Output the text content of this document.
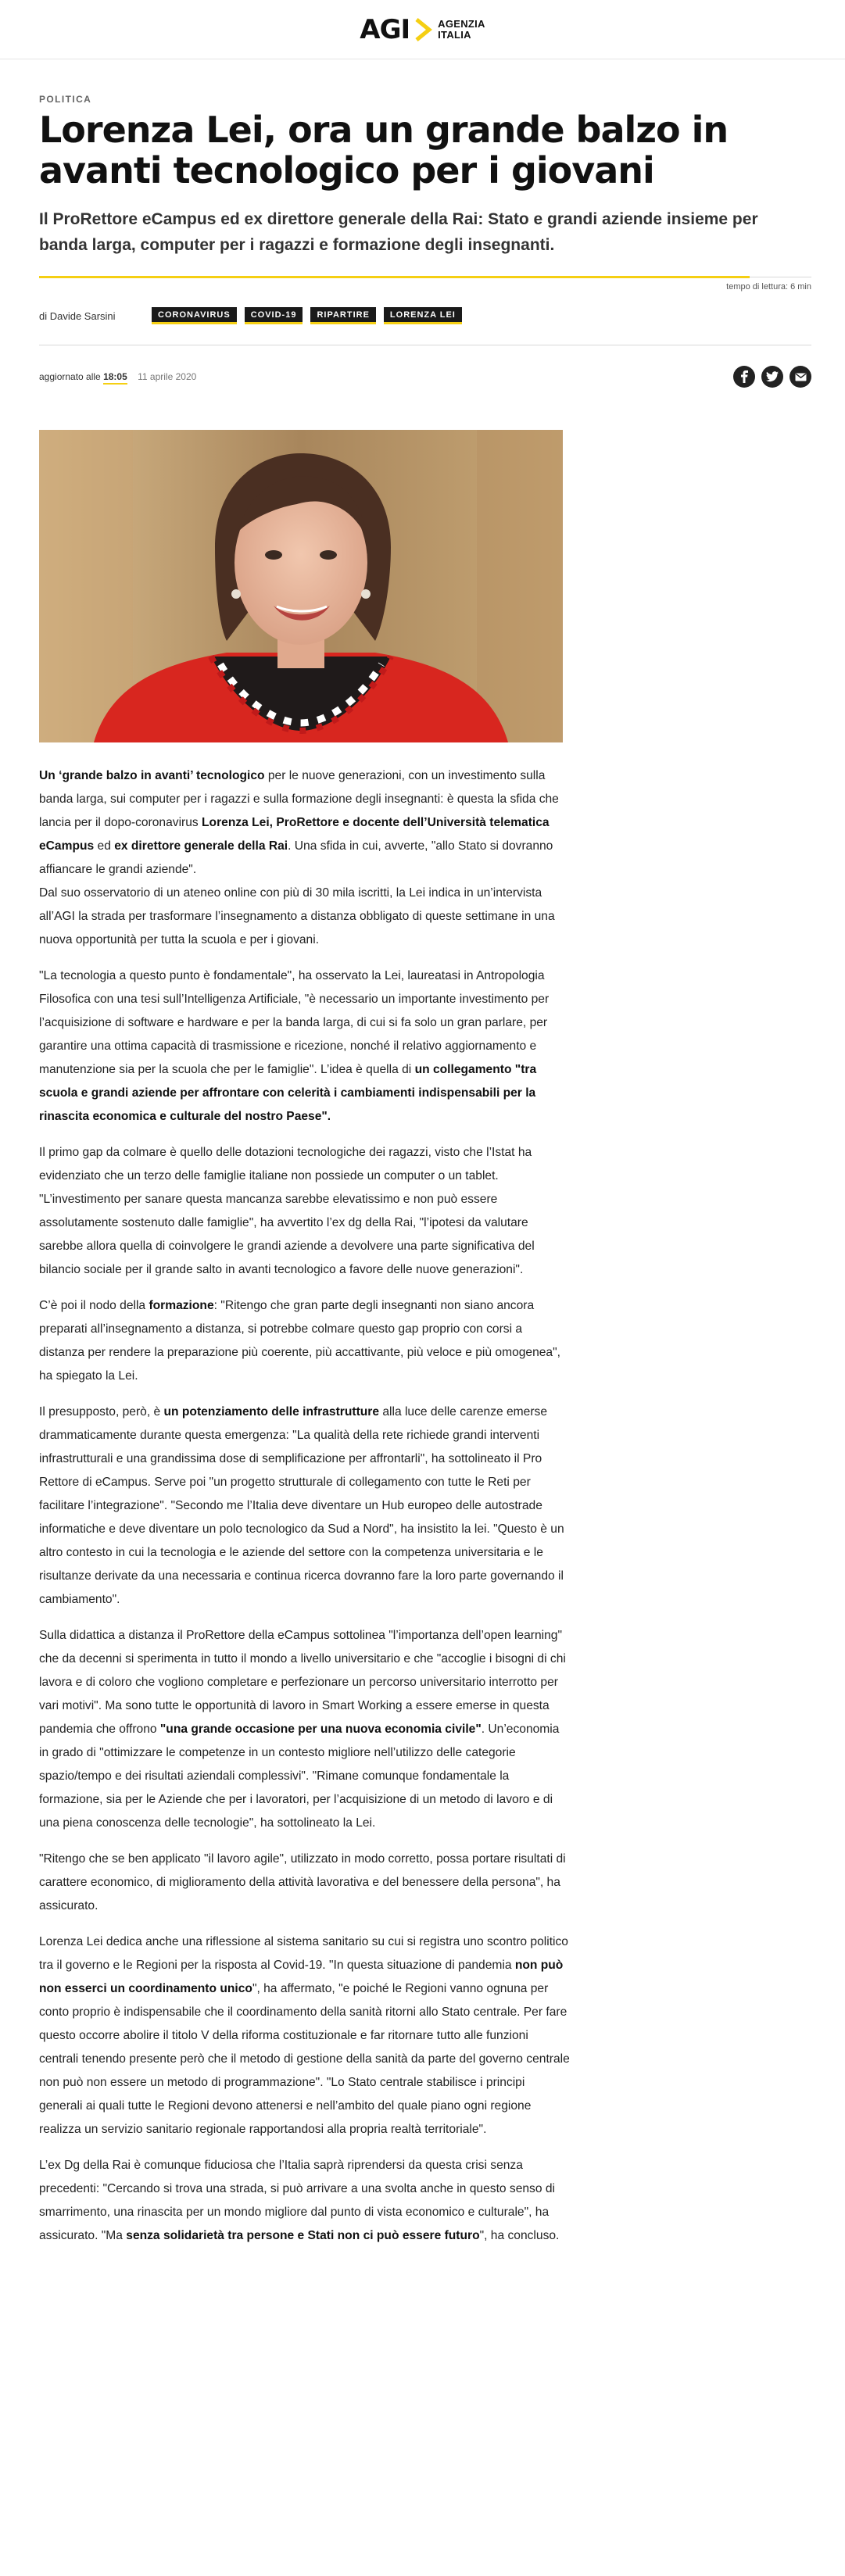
AGI	AGENZIA
ITALIA
POLITICA
Lorenza Lei, ora un grande balzo in avanti tecnologico per i giovani

Il ProRettore eCampus ed ex direttore generale della Rai: Stato e grandi aziende insieme per banda larga, computer per i ragazzi e formazione degli insegnanti.

tempo di lettura: 6 min
di Davide Sarsini	CORONAVIRUS	COVID-19	RIPARTIRE	LORENZA LEI
aggiornato alle 18:05 11 aprile 2020

Un ‘grande balzo in avanti’ tecnologico per le nuove generazioni, con un investimento sulla banda larga, sui computer per i ragazzi e sulla formazione degli insegnanti: è questa la sfida che lancia per il dopo-coronavirus Lorenza Lei, ProRettore e docente dell’Università telematica eCampus ed ex direttore generale della Rai. Una sfida in cui, avverte, "allo Stato si dovranno affiancare le grandi aziende".

Dal suo osservatorio di un ateneo online con più di 30 mila iscritti, la Lei indica in un’intervista all’AGI la strada per trasformare l’insegnamento a distanza obbligato di queste settimane in una nuova opportunità per tutta la scuola e per i giovani.

"La tecnologia a questo punto è fondamentale", ha osservato la Lei, laureatasi in Antropologia Filosofica con una tesi sull’Intelligenza Artificiale, "è necessario un importante investimento per l’acquisizione di software e hardware e per la banda larga, di cui si fa solo un gran parlare, per garantire una ottima capacità di trasmissione e ricezione, nonché il relativo aggiornamento e manutenzione sia per la scuola che per le famiglie". L’idea è quella di un collegamento "tra scuola e grandi aziende per affrontare con celerità i cambiamenti indispensabili per la rinascita economica e culturale del nostro Paese".

Il primo gap da colmare è quello delle dotazioni tecnologiche dei ragazzi, visto che l’Istat ha evidenziato che un terzo delle famiglie italiane non possiede un computer o un tablet. "L’investimento per sanare questa mancanza sarebbe elevatissimo e non può essere assolutamente sostenuto dalle famiglie", ha avvertito l’ex dg della Rai, "l’ipotesi da valutare sarebbe allora quella di coinvolgere le grandi aziende a devolvere una parte significativa del bilancio sociale per il grande salto in avanti tecnologico a favore delle nuove generazioni".

C’è poi il nodo della formazione: "Ritengo che gran parte degli insegnanti non siano ancora preparati all’insegnamento a distanza, si potrebbe colmare questo gap proprio con corsi a distanza per rendere la preparazione più coerente, più accattivante, più veloce e più omogenea", ha spiegato la Lei.

Il presupposto, però, è un potenziamento delle infrastrutture alla luce delle carenze emerse drammaticamente durante questa emergenza: "La qualità della rete richiede grandi interventi infrastrutturali e una grandissima dose di semplificazione per affrontarli", ha sottolineato il Pro Rettore di eCampus. Serve poi "un progetto strutturale di collegamento con tutte le Reti per facilitare l’integrazione". "Secondo me l’Italia deve diventare un Hub europeo delle autostrade informatiche e deve diventare un polo tecnologico da Sud a Nord", ha insistito la lei. "Questo è un altro contesto in cui la tecnologia e le aziende del settore con la competenza universitaria e le risultanze derivate da una necessaria e continua ricerca dovranno fare la loro parte governando il cambiamento".

Sulla didattica a distanza il ProRettore della eCampus sottolinea "l’importanza dell’open learning" che da decenni si sperimenta in tutto il mondo a livello universitario e che "accoglie i bisogni di chi lavora e di coloro che vogliono completare e perfezionare un percorso universitario interrotto per vari motivi". Ma sono tutte le opportunità di lavoro in Smart Working a essere emerse in questa pandemia che offrono "una grande occasione per una nuova economia civile". Un’economia in grado di "ottimizzare le competenze in un contesto migliore nell’utilizzo delle categorie spazio/tempo e dei risultati aziendali complessivi". "Rimane comunque fondamentale la formazione, sia per le Aziende che per i lavoratori, per l’acquisizione di un metodo di lavoro e di una piena conoscenza delle tecnologie", ha sottolineato la Lei.

"Ritengo che se ben applicato "il lavoro agile", utilizzato in modo corretto, possa portare risultati di carattere economico, di miglioramento della attività lavorativa e del benessere della persona", ha assicurato.

Lorenza Lei dedica anche una riflessione al sistema sanitario su cui si registra uno scontro politico tra il governo e le Regioni per la risposta al Covid-19. "In questa situazione di pandemia non può non esserci un coordinamento unico", ha affermato, "e poiché le Regioni vanno ognuna per conto proprio è indispensabile che il coordinamento della sanità ritorni allo Stato centrale. Per fare questo occorre abolire il titolo V della riforma costituzionale e far ritornare tutto alle funzioni centrali tenendo presente però che il metodo di gestione della sanità da parte del governo centrale non può non essere un metodo di programmazione". "Lo Stato centrale stabilisce i principi generali ai quali tutte le Regioni devono attenersi e nell’ambito del quale piano ogni regione realizza un servizio sanitario regionale rapportandosi alla propria realtà territoriale".

L’ex Dg della Rai è comunque fiduciosa che l’Italia saprà riprendersi da questa crisi senza precedenti: "Cercando si trova una strada, si può arrivare a una svolta anche in questo senso di smarrimento, una rinascita per un mondo migliore dal punto di vista economico e culturale", ha assicurato. "Ma senza solidarietà tra persone e Stati non ci può essere futuro", ha concluso.
